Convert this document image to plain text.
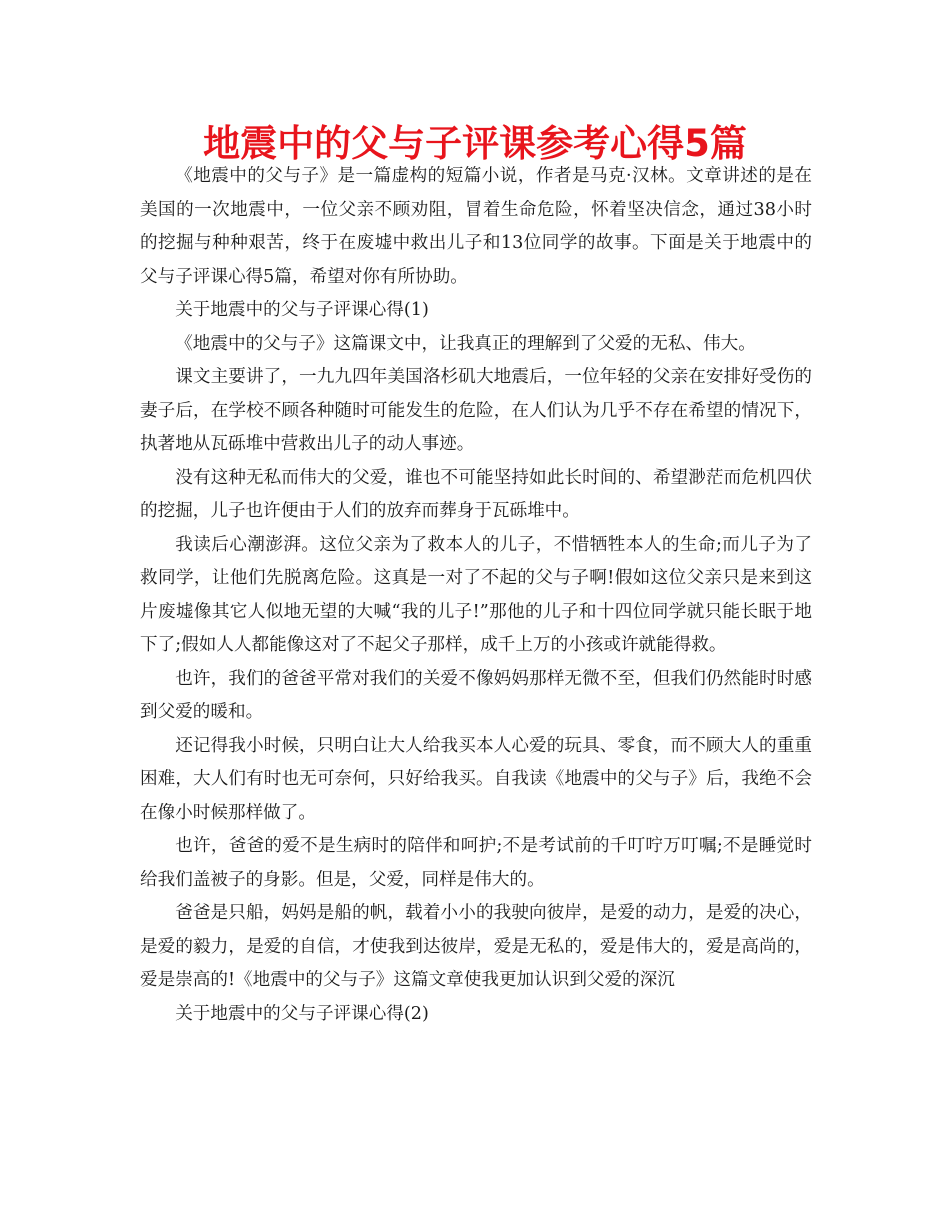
地震中的父与子评课参考心得5篇

《地震中的父与子》是一篇虚构的短篇小说，作者是马克·汉林。文章讲述的是在美国的一次地震中，一位父亲不顾劝阻，冒着生命危险，怀着坚决信念，通过38小时的挖掘与种种艰苦，终于在废墟中救出儿子和13位同学的故事。下面是关于地震中的父与子评课心得5篇，希望对你有所协助。

关于地震中的父与子评课心得(1)

《地震中的父与子》这篇课文中，让我真正的理解到了父爱的无私、伟大。

课文主要讲了，一九九四年美国洛杉矶大地震后，一位年轻的父亲在安排好受伤的妻子后，在学校不顾各种随时可能发生的危险，在人们认为几乎不存在希望的情况下，执著地从瓦砾堆中营救出儿子的动人事迹。

没有这种无私而伟大的父爱，谁也不可能坚持如此长时间的、希望渺茫而危机四伏的挖掘，儿子也许便由于人们的放弃而葬身于瓦砾堆中。

我读后心潮澎湃。这位父亲为了救本人的儿子，不惜牺牲本人的生命;而儿子为了救同学，让他们先脱离危险。这真是一对了不起的父与子啊!假如这位父亲只是来到这片废墟像其它人似地无望的大喊“我的儿子!”那他的儿子和十四位同学就只能长眠于地下了;假如人人都能像这对了不起父子那样，成千上万的小孩或许就能得救。

也许，我们的爸爸平常对我们的关爱不像妈妈那样无微不至，但我们仍然能时时感到父爱的暖和。

还记得我小时候，只明白让大人给我买本人心爱的玩具、零食，而不顾大人的重重困难，大人们有时也无可奈何，只好给我买。自我读《地震中的父与子》后，我绝不会在像小时候那样做了。

也许，爸爸的爱不是生病时的陪伴和呵护;不是考试前的千叮咛万叮嘱;不是睡觉时给我们盖被子的身影。但是，父爱，同样是伟大的。

爸爸是只船，妈妈是船的帆，载着小小的我驶向彼岸，是爱的动力，是爱的决心，是爱的毅力，是爱的自信，才使我到达彼岸，爱是无私的，爱是伟大的，爱是高尚的，爱是崇高的!《地震中的父与子》这篇文章使我更加认识到父爱的深沉

关于地震中的父与子评课心得(2)
